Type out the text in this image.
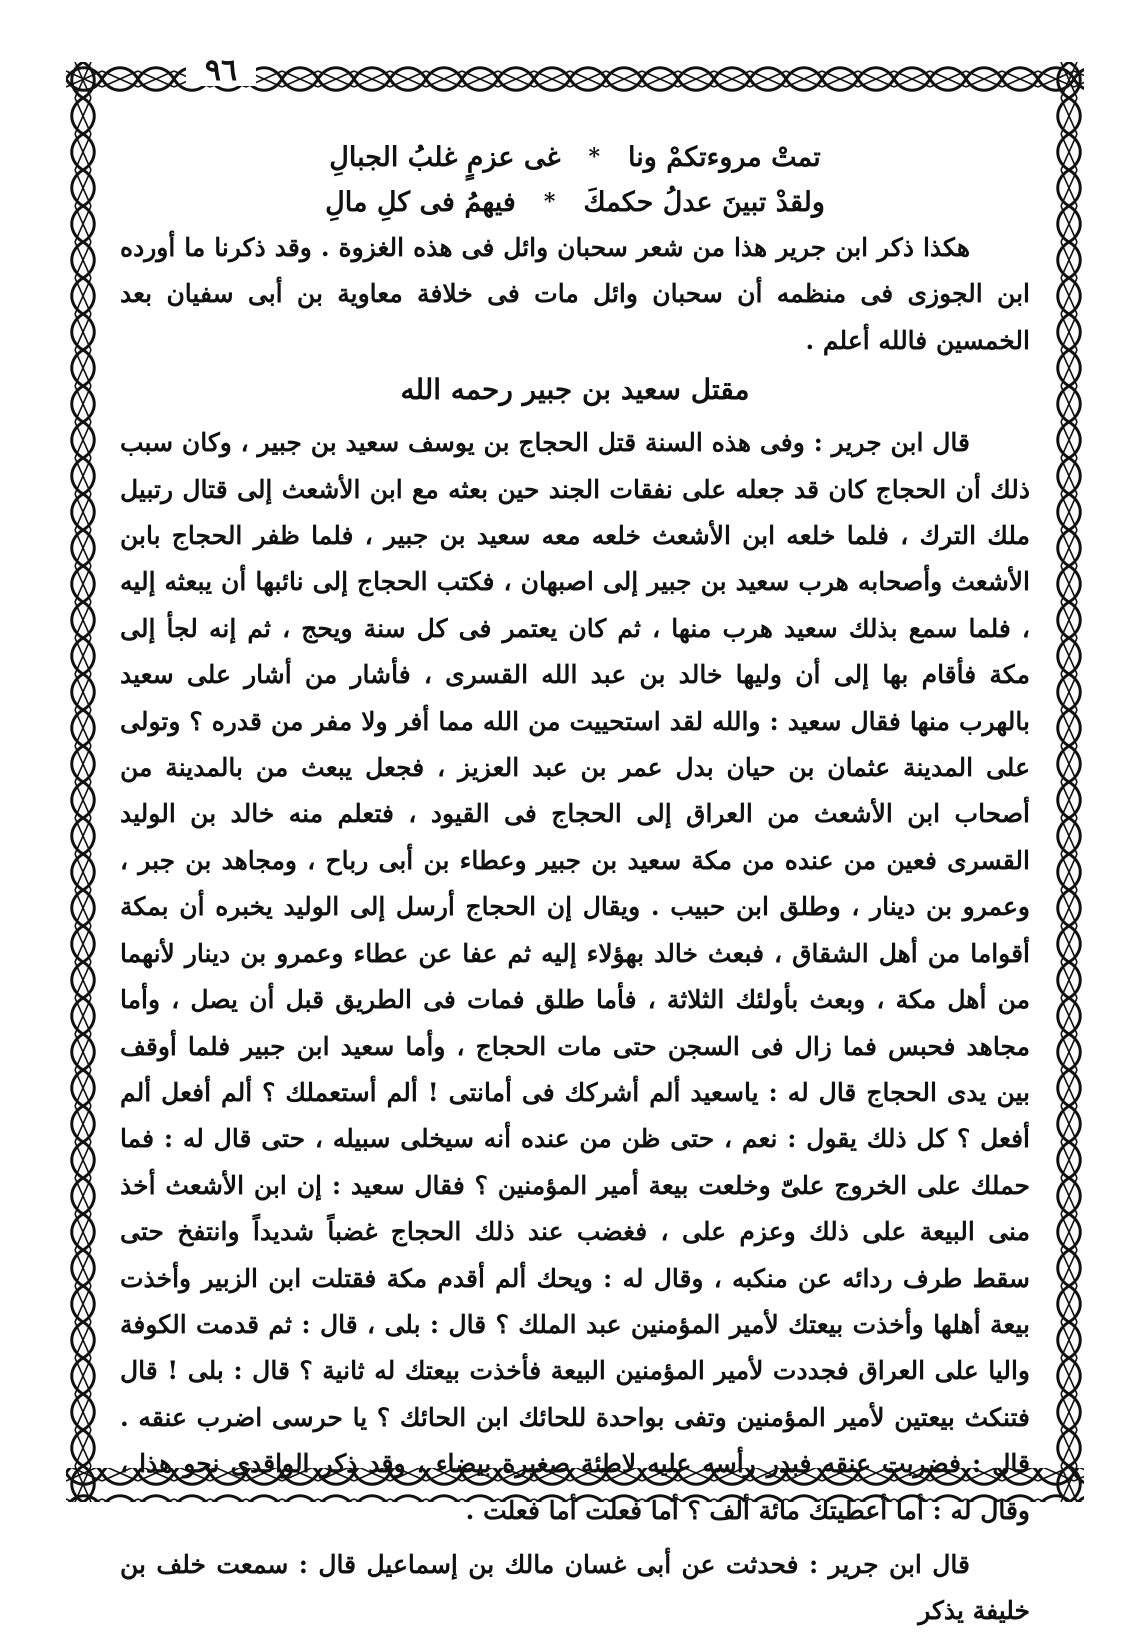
٩٦
تمتْ مروءتكمْ ونا
*
غى عزمٍ غلبُ الجبالِ
ولقدْ تبينَ عدلُ حكمكَ
*
فيهمُ فى كلِ مالِ

هكذا ذكر ابن جرير هذا من شعر سحبان وائل فى هذه الغزوة . وقد ذكرنا ما أورده ابن الجوزى فى منظمه أن سحبان وائل مات فى خلافة معاوية بن أبى سفيان بعد الخمسين فالله أعلم .

مقتل سعيد بن جبير رحمه الله

قال ابن جرير : وفى هذه السنة قتل الحجاج بن يوسف سعيد بن جبير ، وكان سبب ذلك أن الحجاج كان قد جعله على نفقات الجند حين بعثه مع ابن الأشعث إلى قتال رتبيل ملك الترك ، فلما خلعه ابن الأشعث خلعه معه سعيد بن جبير ، فلما ظفر الحجاج بابن الأشعث وأصحابه هرب سعيد بن جبير إلى اصبهان ، فكتب الحجاج إلى نائبها أن يبعثه إليه ، فلما سمع بذلك سعيد هرب منها ، ثم كان يعتمر فى كل سنة ويحج ، ثم إنه لجأ إلى مكة فأقام بها إلى أن وليها خالد بن عبد الله القسرى ، فأشار من أشار على سعيد بالهرب منها فقال سعيد : والله لقد استحييت من الله مما أفر ولا مفر من قدره ؟ وتولى على المدينة عثمان بن حيان بدل عمر بن عبد العزيز ، فجعل يبعث من بالمدينة من أصحاب ابن الأشعث من العراق إلى الحجاج فى القيود ، فتعلم منه خالد بن الوليد القسرى فعين من عنده من مكة سعيد بن جبير وعطاء بن أبى رباح ، ومجاهد بن جبر ، وعمرو بن دينار ، وطلق ابن حبيب . ويقال إن الحجاج أرسل إلى الوليد يخبره أن بمكة أقواما من أهل الشقاق ، فبعث خالد بهؤلاء إليه ثم عفا عن عطاء وعمرو بن دينار لأنهما من أهل مكة ، وبعث بأولئك الثلاثة ، فأما طلق فمات فى الطريق قبل أن يصل ، وأما مجاهد فحبس فما زال فى السجن حتى مات الحجاج ، وأما سعيد ابن جبير فلما أوقف بين يدى الحجاج قال له : ياسعيد ألم أشركك فى أمانتى ! ألم أستعملك ؟ ألم أفعل ألم أفعل ؟ كل ذلك يقول : نعم ، حتى ظن من عنده أنه سيخلى سبيله ، حتى قال له : فما حملك على الخروج علىّ وخلعت بيعة أمير المؤمنين ؟ فقال سعيد : إن ابن الأشعث أخذ منى البيعة على ذلك وعزم على ، فغضب عند ذلك الحجاج غضباً شديداً وانتفخ حتى سقط طرف ردائه عن منكبه ، وقال له : ويحك ألم أقدم مكة فقتلت ابن الزبير وأخذت بيعة أهلها وأخذت بيعتك لأمير المؤمنين عبد الملك ؟ قال : بلى ، قال : ثم قدمت الكوفة واليا على العراق فجددت لأمير المؤمنين البيعة فأخذت بيعتك له ثانية ؟ قال : بلى ! قال فتنكث بيعتين لأمير المؤمنين وتفى بواحدة للحائك ابن الحائك ؟ يا حرسى اضرب عنقه . قال : فضربت عنقه فبدر رأسه عليه لاطئة صغيرة بيضاء ، وقد ذكر الواقدى نحو هذا ، وقال له : أما أعطيتك مائة ألف ؟ أما فعلت أما فعلت .

قال ابن جرير : فحدثت عن أبى غسان مالك بن إسماعيل قال : سمعت خلف بن خليفة يذكر
